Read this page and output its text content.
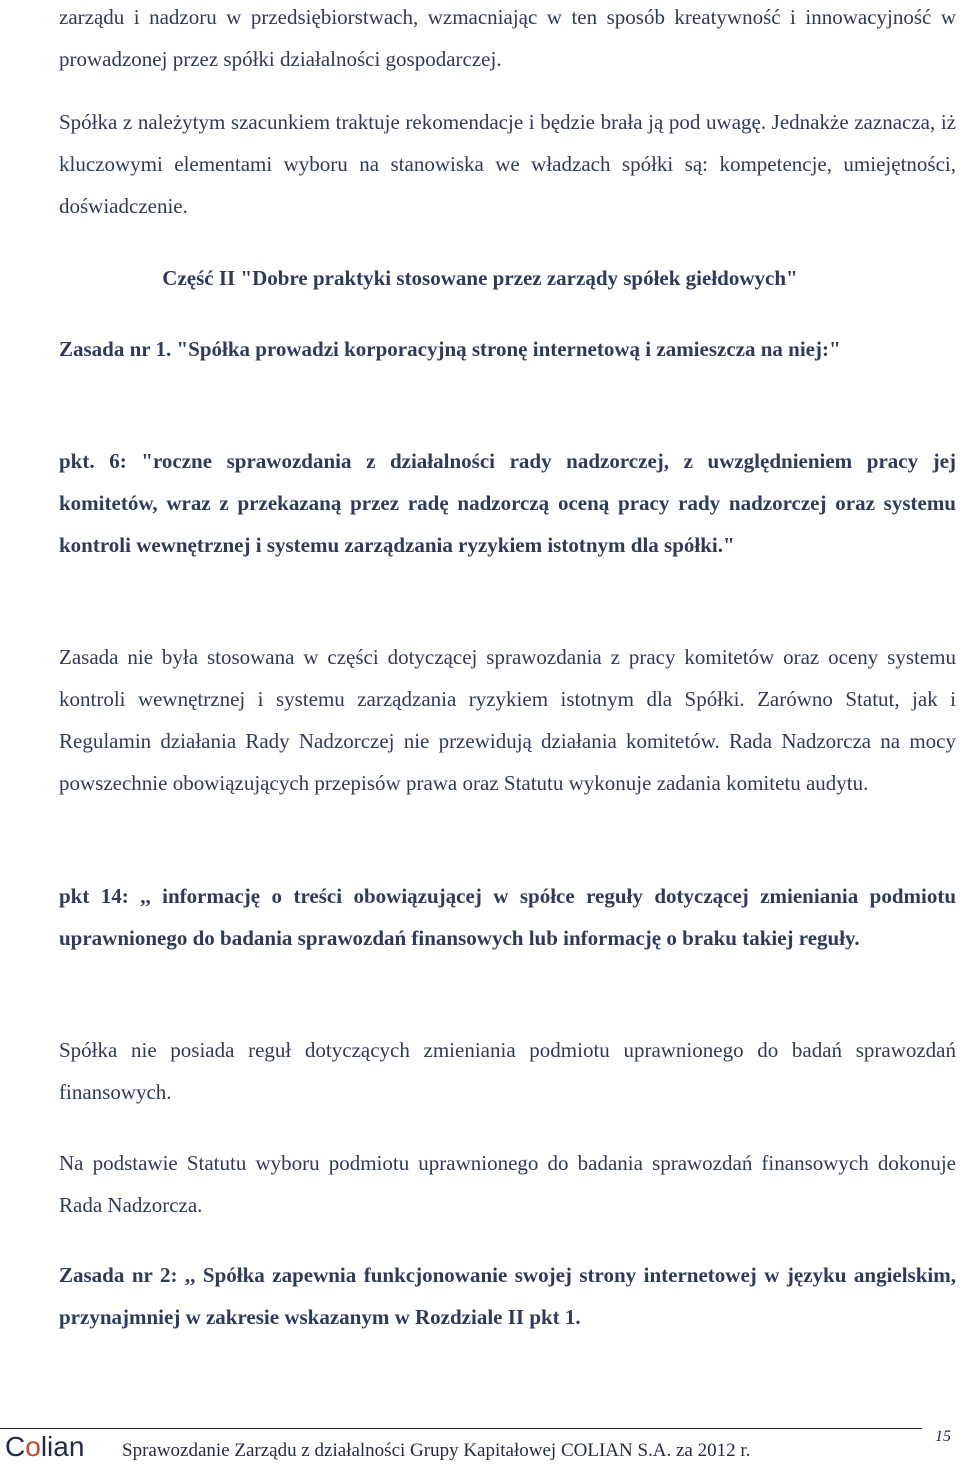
zarządu i nadzoru w przedsiębiorstwach, wzmacniając w ten sposób kreatywność i innowacyjność w prowadzonej przez spółki działalności gospodarczej.

Spółka z należytym szacunkiem traktuje rekomendacje i będzie brała ją pod uwagę. Jednakże zaznacza, iż kluczowymi elementami wyboru na stanowiska we władzach spółki są: kompetencje, umiejętności, doświadczenie.

Część II "Dobre praktyki stosowane przez zarządy spółek giełdowych"

Zasada nr 1. "Spółka prowadzi korporacyjną stronę internetową i zamieszcza na niej:"

pkt. 6: "roczne sprawozdania z działalności rady nadzorczej, z uwzględnieniem pracy jej komitetów, wraz z przekazaną przez radę nadzorczą oceną pracy rady nadzorczej oraz systemu kontroli wewnętrznej i systemu zarządzania ryzykiem istotnym dla spółki."

Zasada nie była stosowana w części dotyczącej sprawozdania z pracy komitetów oraz oceny systemu kontroli wewnętrznej i systemu zarządzania ryzykiem istotnym dla Spółki. Zarówno Statut, jak i Regulamin działania Rady Nadzorczej nie przewidują działania komitetów. Rada Nadzorcza na mocy powszechnie obowiązujących przepisów prawa oraz Statutu wykonuje zadania komitetu audytu.

pkt 14: ,, informację o treści obowiązującej w spółce reguły dotyczącej zmieniania podmiotu uprawnionego do badania sprawozdań finansowych lub informację o braku takiej reguły.

Spółka nie posiada reguł dotyczących zmieniania podmiotu uprawnionego do badań sprawozdań finansowych.

Na podstawie Statutu wyboru podmiotu uprawnionego do badania sprawozdań finansowych dokonuje Rada Nadzorcza.

Zasada nr 2: ,, Spółka zapewnia funkcjonowanie swojej strony internetowej w języku angielskim, przynajmniej w zakresie wskazanym w Rozdziale II pkt 1.

Colian Sprawozdanie Zarządu z działalności Grupy Kapitałowej COLIAN S.A. za 2012 r.
15
